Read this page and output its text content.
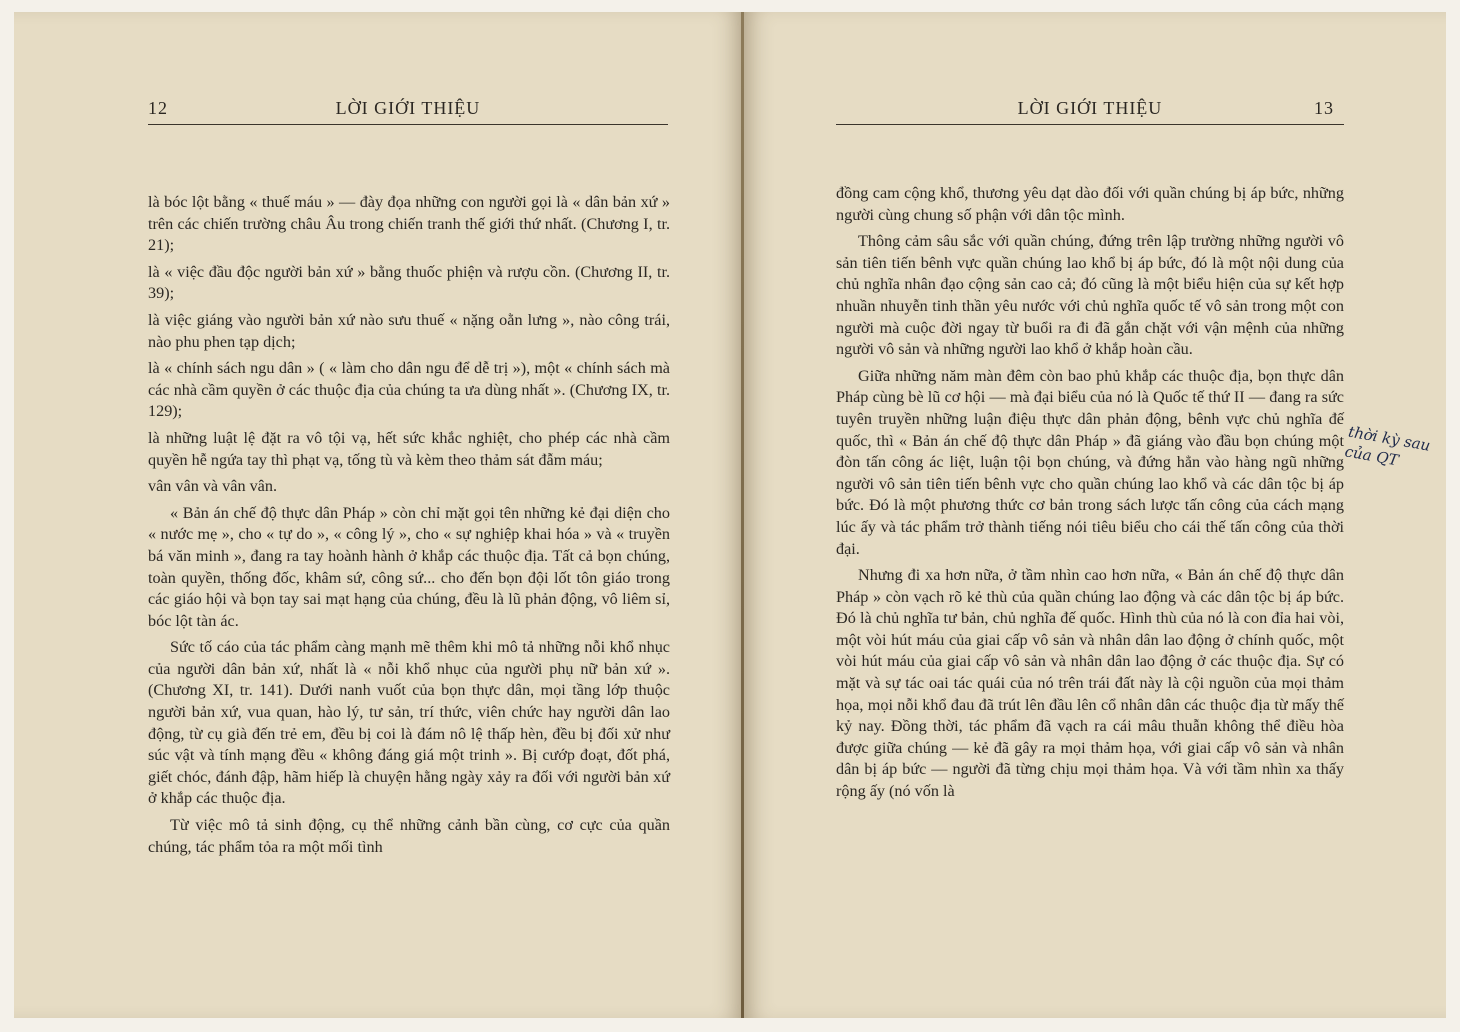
12	LỜI GIỚI THIỆU

là bóc lột bằng « thuế máu » — đày đọa những con người gọi là « dân bản xứ » trên các chiến trường châu Âu trong chiến tranh thế giới thứ nhất. (Chương I, tr. 21);

là « việc đầu độc người bản xứ » bằng thuốc phiện và rượu cồn. (Chương II, tr. 39);

là việc giáng vào người bản xứ nào sưu thuế « nặng oằn lưng », nào công trái, nào phu phen tạp dịch;

là « chính sách ngu dân » ( « làm cho dân ngu để dễ trị »), một « chính sách mà các nhà cầm quyền ở các thuộc địa của chúng ta ưa dùng nhất ». (Chương IX, tr. 129);

là những luật lệ đặt ra vô tội vạ, hết sức khắc nghiệt, cho phép các nhà cầm quyền hễ ngứa tay thì phạt vạ, tống tù và kèm theo thảm sát đẫm máu;

vân vân và vân vân.

« Bản án chế độ thực dân Pháp » còn chỉ mặt gọi tên những kẻ đại diện cho « nước mẹ », cho « tự do », « công lý », cho « sự nghiệp khai hóa » và « truyền bá văn minh », đang ra tay hoành hành ở khắp các thuộc địa. Tất cả bọn chúng, toàn quyền, thống đốc, khâm sứ, công sứ... cho đến bọn đội lốt tôn giáo trong các giáo hội và bọn tay sai mạt hạng của chúng, đều là lũ phản động, vô liêm sỉ, bóc lột tàn ác.

Sức tố cáo của tác phẩm càng mạnh mẽ thêm khi mô tả những nỗi khổ nhục của người dân bản xứ, nhất là « nỗi khổ nhục của người phụ nữ bản xứ ». (Chương XI, tr. 141). Dưới nanh vuốt của bọn thực dân, mọi tầng lớp thuộc người bản xứ, vua quan, hào lý, tư sản, trí thức, viên chức hay người dân lao động, từ cụ già đến trẻ em, đều bị coi là đám nô lệ thấp hèn, đều bị đối xử như súc vật và tính mạng đều « không đáng giá một trinh ». Bị cướp đoạt, đốt phá, giết chóc, đánh đập, hãm hiếp là chuyện hằng ngày xảy ra đối với người bản xứ ở khắp các thuộc địa.

Từ việc mô tả sinh động, cụ thể những cảnh bần cùng, cơ cực của quần chúng, tác phẩm tỏa ra một mối tình

LỜI GIỚI THIỆU	13

đồng cam cộng khổ, thương yêu dạt dào đối với quần chúng bị áp bức, những người cùng chung số phận với dân tộc mình.

Thông cảm sâu sắc với quần chúng, đứng trên lập trường những người vô sản tiên tiến bênh vực quần chúng lao khổ bị áp bức, đó là một nội dung của chủ nghĩa nhân đạo cộng sản cao cả; đó cũng là một biểu hiện của sự kết hợp nhuần nhuyễn tinh thần yêu nước với chủ nghĩa quốc tế vô sản trong một con người mà cuộc đời ngay từ buổi ra đi đã gắn chặt với vận mệnh của những người vô sản và những người lao khổ ở khắp hoàn cầu.

Giữa những năm màn đêm còn bao phủ khắp các thuộc địa, bọn thực dân Pháp cùng bè lũ cơ hội — mà đại biểu của nó là Quốc tế thứ II — đang ra sức tuyên truyền những luận điệu thực dân phản động, bênh vực chủ nghĩa đế quốc, thì « Bản án chế độ thực dân Pháp » đã giáng vào đầu bọn chúng một đòn tấn công ác liệt, luận tội bọn chúng, và đứng hẳn vào hàng ngũ những người vô sản tiên tiến bênh vực cho quần chúng lao khổ và các dân tộc bị áp bức. Đó là một phương thức cơ bản trong sách lược tấn công của cách mạng lúc ấy và tác phẩm trở thành tiếng nói tiêu biểu cho cái thế tấn công của thời đại.

Nhưng đi xa hơn nữa, ở tầm nhìn cao hơn nữa, « Bản án chế độ thực dân Pháp » còn vạch rõ kẻ thù của quần chúng lao động và các dân tộc bị áp bức. Đó là chủ nghĩa tư bản, chủ nghĩa đế quốc. Hình thù của nó là con đỉa hai vòi, một vòi hút máu của giai cấp vô sản và nhân dân lao động ở chính quốc, một vòi hút máu của giai cấp vô sản và nhân dân lao động ở các thuộc địa. Sự có mặt và sự tác oai tác quái của nó trên trái đất này là cội nguồn của mọi thảm họa, mọi nỗi khổ đau đã trút lên đầu lên cổ nhân dân các thuộc địa từ mấy thế kỷ nay. Đồng thời, tác phẩm đã vạch ra cái mâu thuẫn không thể điều hòa được giữa chúng — kẻ đã gây ra mọi thảm họa, với giai cấp vô sản và nhân dân bị áp bức — người đã từng chịu mọi thảm họa. Và với tầm nhìn xa thấy rộng ấy (nó vốn là

thời kỳ sau của QT
